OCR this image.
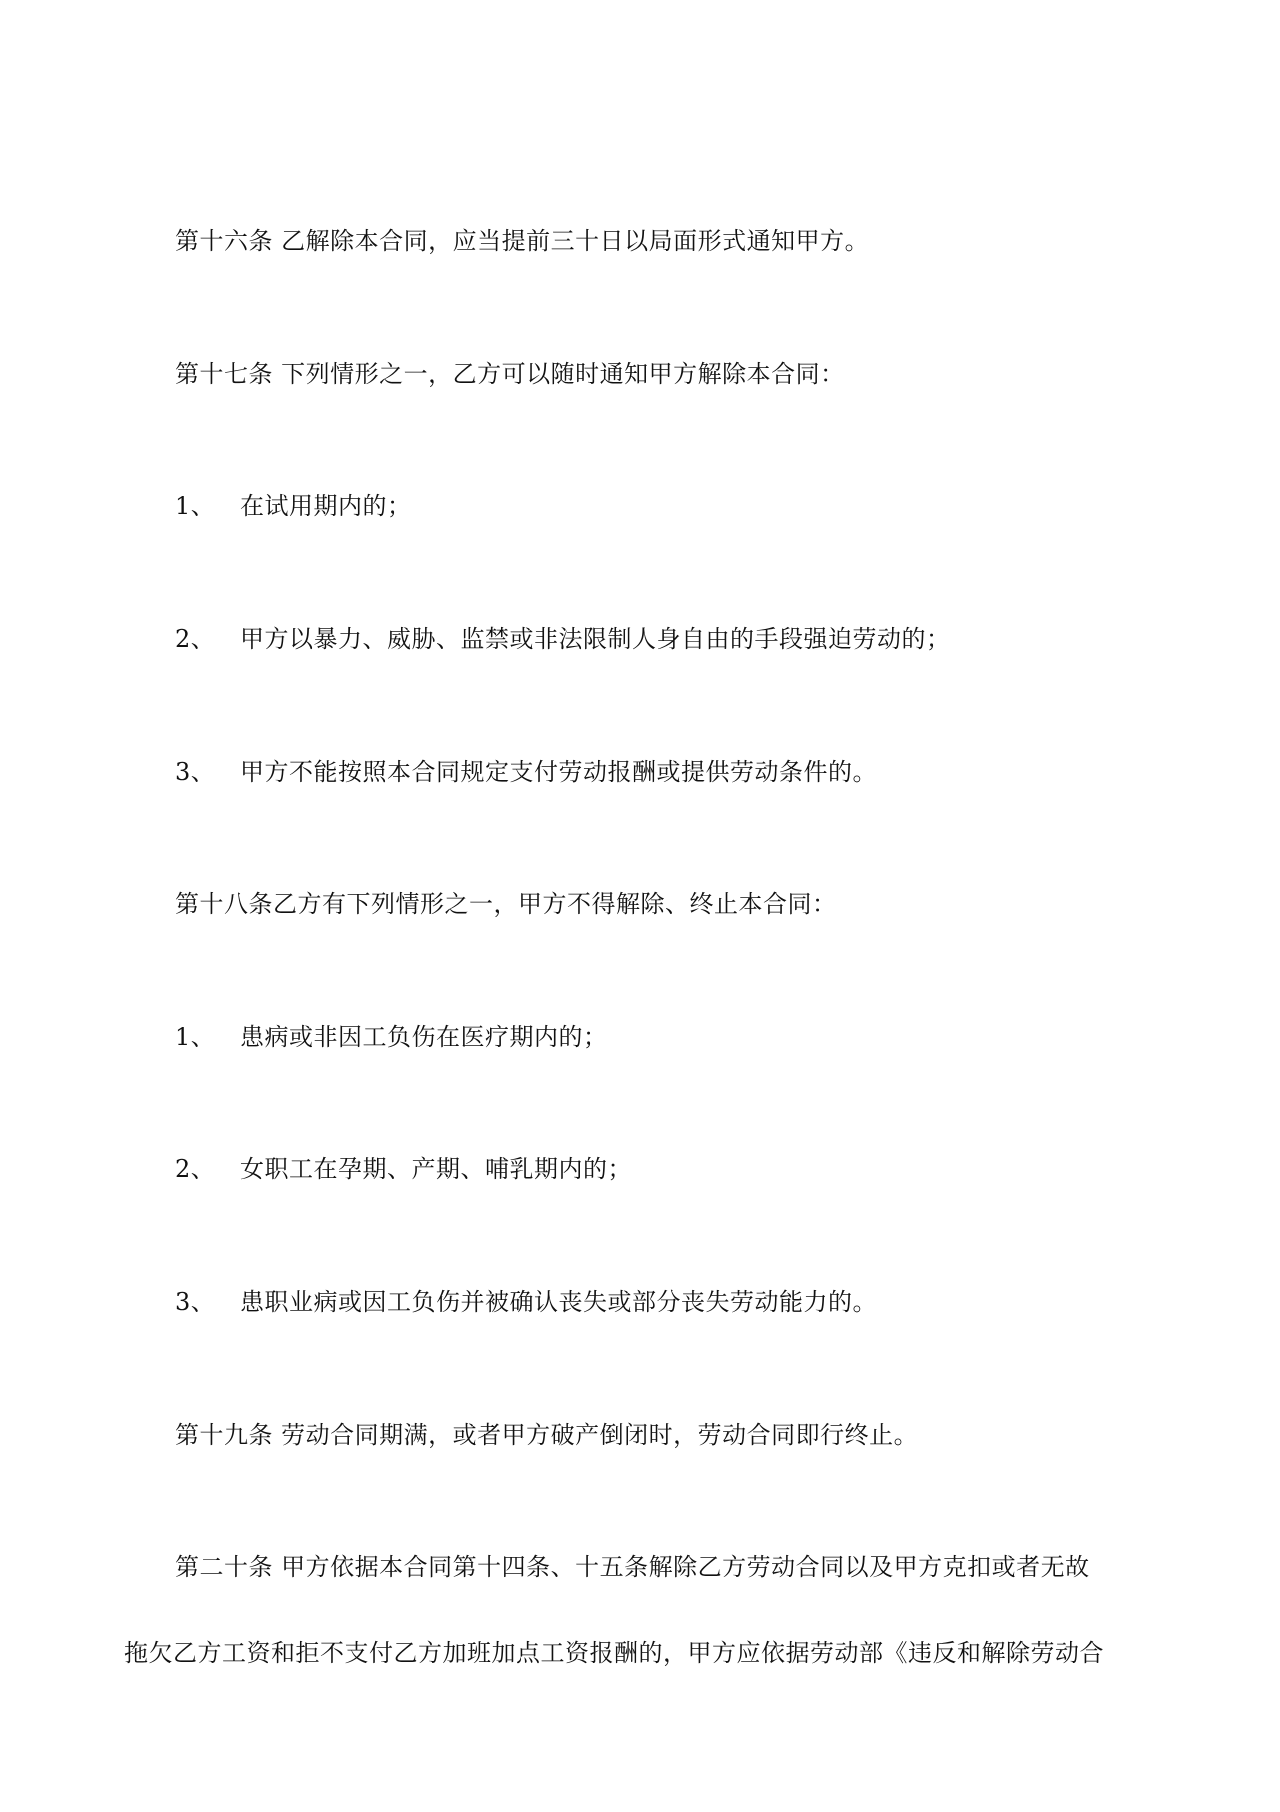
第十六条 乙解除本合同，应当提前三十日以局面形式通知甲方。
第十七条 下列情形之一，乙方可以随时通知甲方解除本合同：
1、 在试用期内的；
2、 甲方以暴力、威胁、监禁或非法限制人身自由的手段强迫劳动的；
3、 甲方不能按照本合同规定支付劳动报酬或提供劳动条件的。
第十八条乙方有下列情形之一，甲方不得解除、终止本合同：
1、 患病或非因工负伤在医疗期内的；
2、 女职工在孕期、产期、哺乳期内的；
3、 患职业病或因工负伤并被确认丧失或部分丧失劳动能力的。
第十九条 劳动合同期满，或者甲方破产倒闭时，劳动合同即行终止。
第二十条 甲方依据本合同第十四条、十五条解除乙方劳动合同以及甲方克扣或者无故
拖欠乙方工资和拒不支付乙方加班加点工资报酬的，甲方应依据劳动部《违反和解除劳动合
